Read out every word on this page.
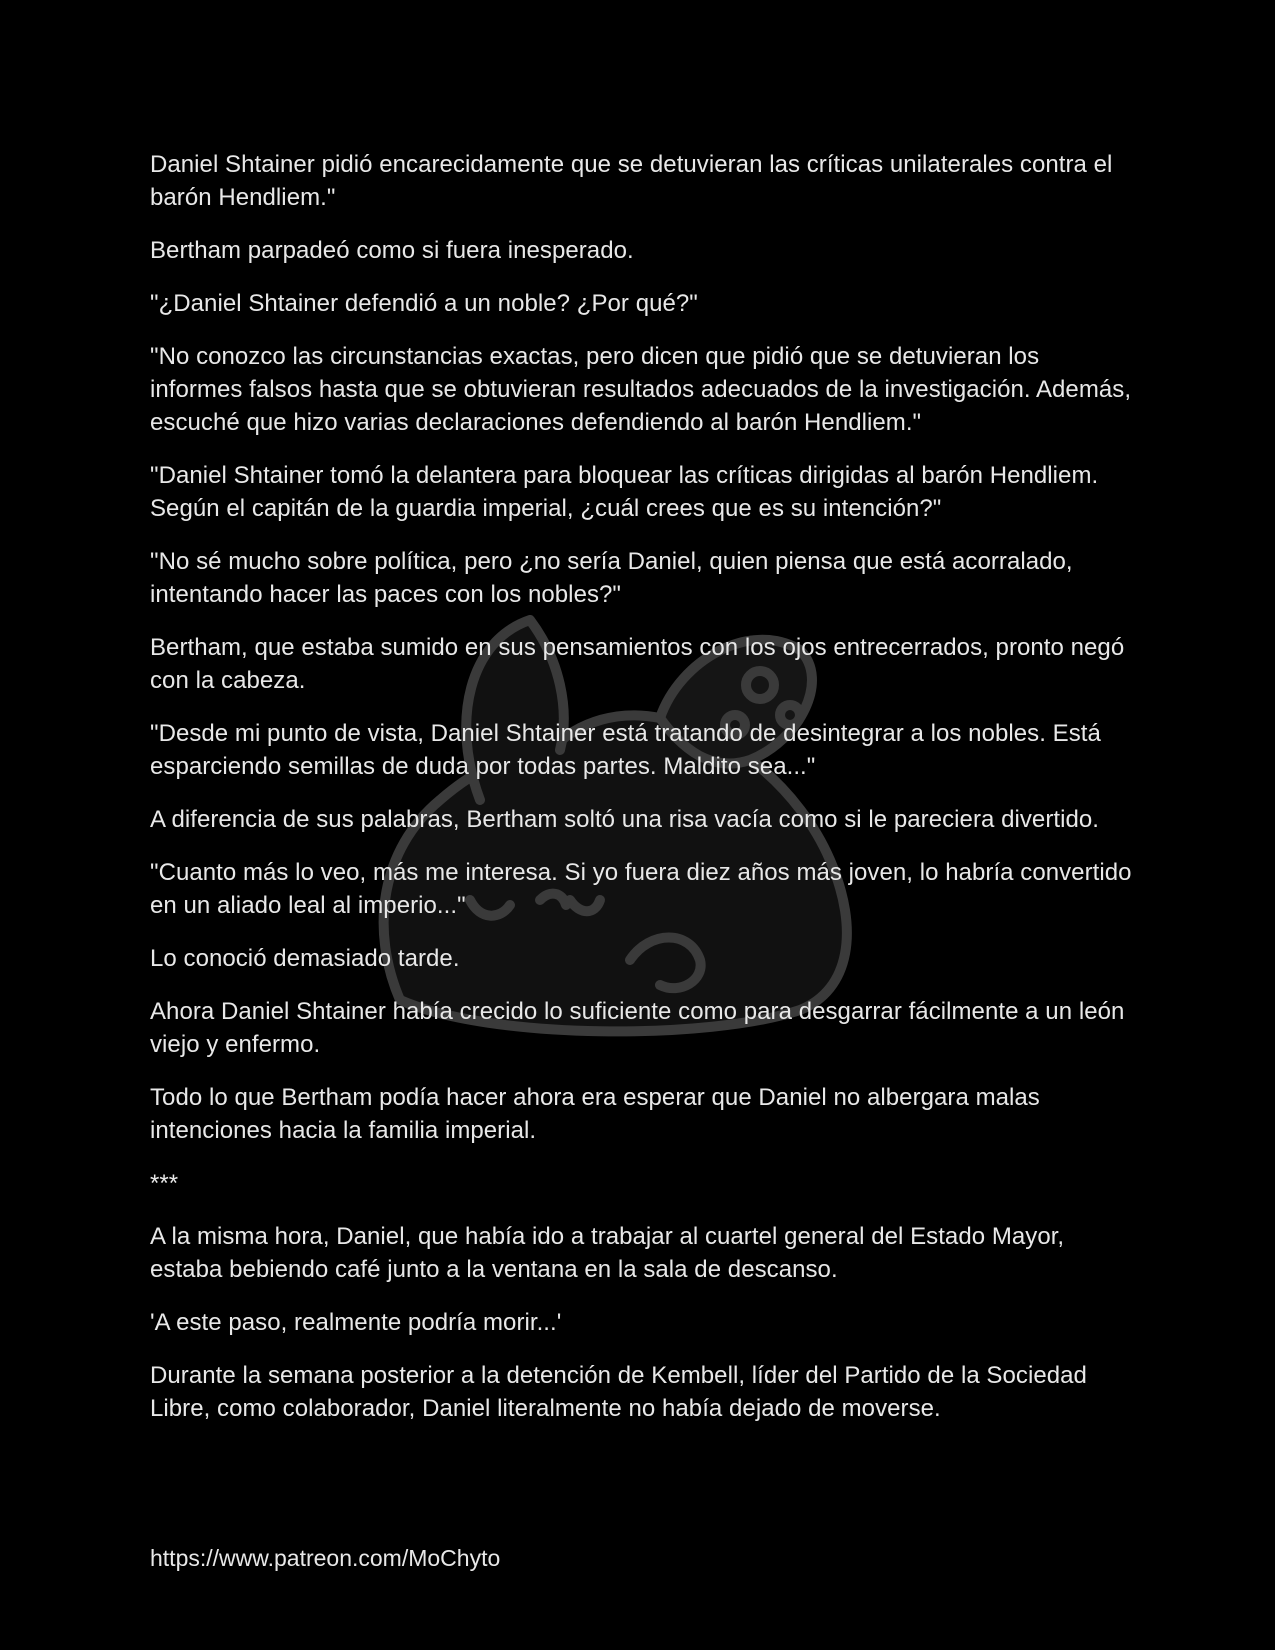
Daniel Shtainer pidió encarecidamente que se detuvieran las críticas unilaterales contra el barón Hendliem."

Bertham parpadeó como si fuera inesperado.

"¿Daniel Shtainer defendió a un noble? ¿Por qué?"

"No conozco las circunstancias exactas, pero dicen que pidió que se detuvieran los informes falsos hasta que se obtuvieran resultados adecuados de la investigación. Además, escuché que hizo varias declaraciones defendiendo al barón Hendliem."

"Daniel Shtainer tomó la delantera para bloquear las críticas dirigidas al barón Hendliem. Según el capitán de la guardia imperial, ¿cuál crees que es su intención?"

"No sé mucho sobre política, pero ¿no sería Daniel, quien piensa que está acorralado, intentando hacer las paces con los nobles?"

Bertham, que estaba sumido en sus pensamientos con los ojos entrecerrados, pronto negó con la cabeza.

"Desde mi punto de vista, Daniel Shtainer está tratando de desintegrar a los nobles. Está esparciendo semillas de duda por todas partes. Maldito sea..."

A diferencia de sus palabras, Bertham soltó una risa vacía como si le pareciera divertido.

"Cuanto más lo veo, más me interesa. Si yo fuera diez años más joven, lo habría convertido en un aliado leal al imperio..."

Lo conoció demasiado tarde.

Ahora Daniel Shtainer había crecido lo suficiente como para desgarrar fácilmente a un león viejo y enfermo.

Todo lo que Bertham podía hacer ahora era esperar que Daniel no albergara malas intenciones hacia la familia imperial.

***

A la misma hora, Daniel, que había ido a trabajar al cuartel general del Estado Mayor, estaba bebiendo café junto a la ventana en la sala de descanso.

'A este paso, realmente podría morir...'

Durante la semana posterior a la detención de Kembell, líder del Partido de la Sociedad Libre, como colaborador, Daniel literalmente no había dejado de moverse.

https://www.patreon.com/MoChyto
